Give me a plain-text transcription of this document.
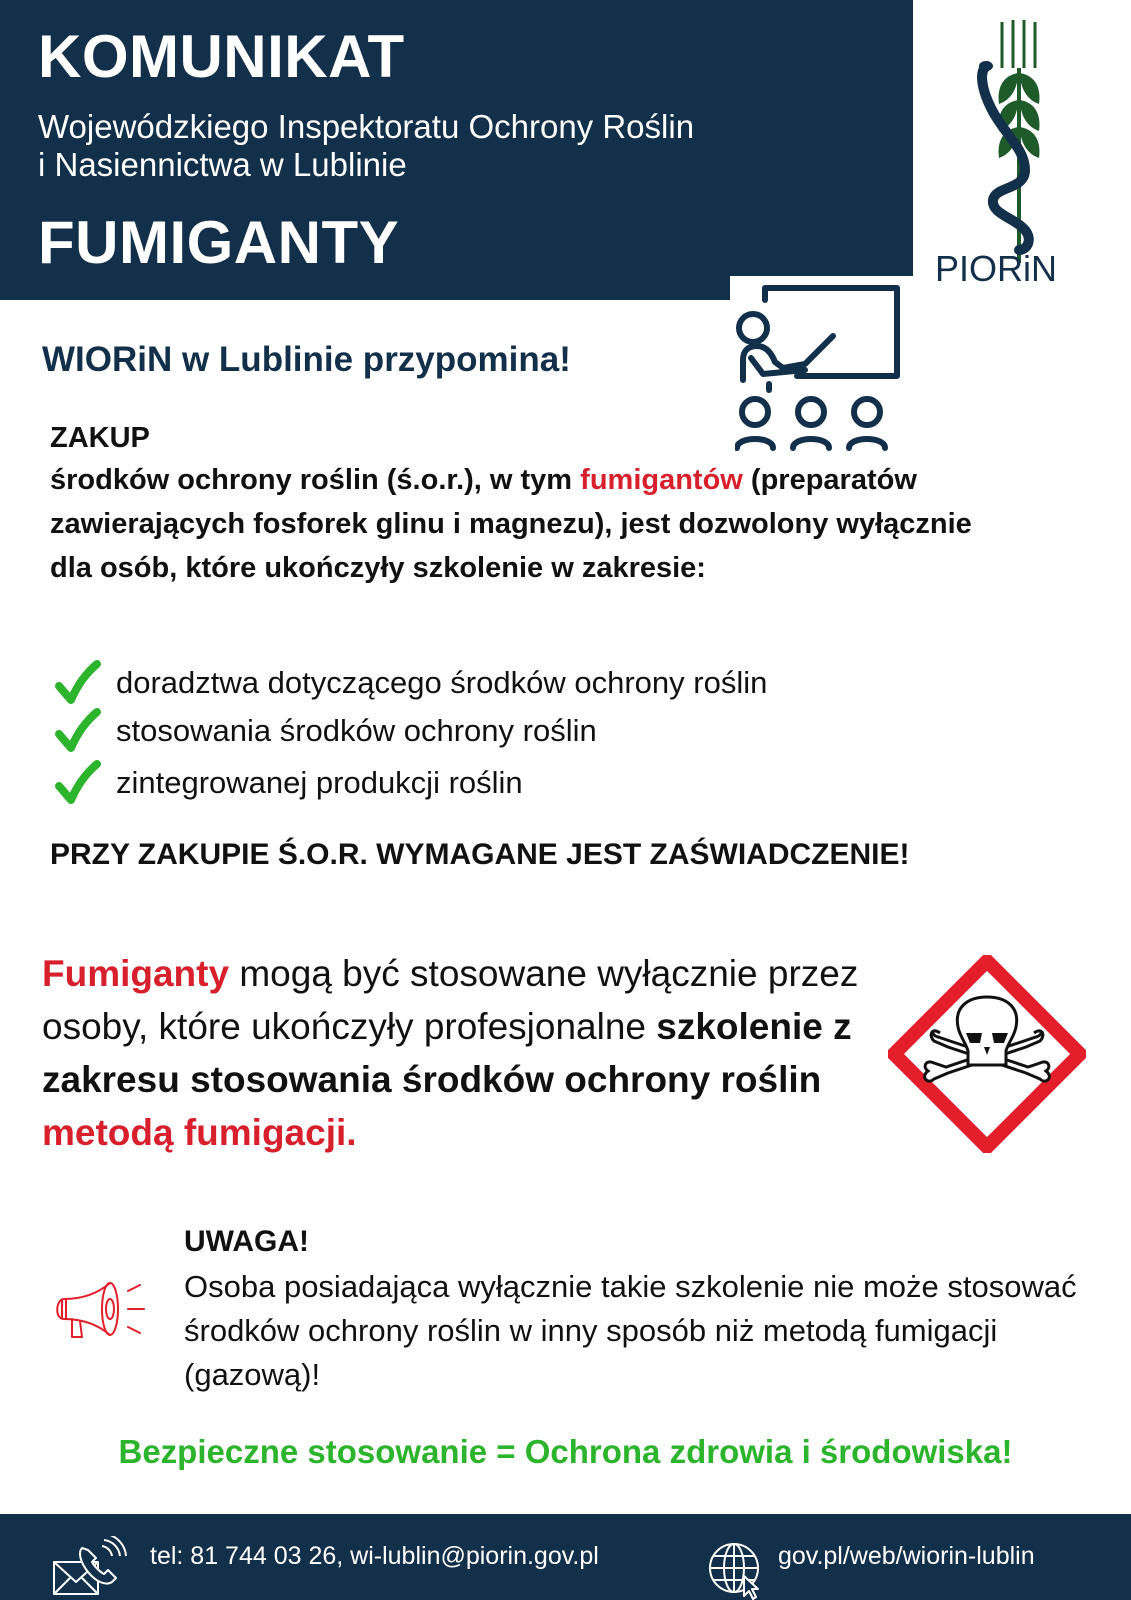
KOMUNIKAT
Wojewódzkiego Inspektoratu Ochrony Roślin
i Nasiennictwa w Lublinie
FUMIGANTY	PIORiN
WIORiN w Lublinie przypomina!
ZAKUP
środków ochrony roślin (ś.o.r.), w tym fumigantów (preparatów zawierających fosforek glinu i magnezu), jest dozwolony wyłącznie dla osób, które ukończyły szkolenie w zakresie:
doradztwa dotyczącego środków ochrony roślin
stosowania środków ochrony roślin
zintegrowanej produkcji roślin
PRZY ZAKUPIE Ś.O.R. WYMAGANE JEST ZAŚWIADCZENIE!
Fumiganty mogą być stosowane wyłącznie przez osoby, które ukończyły profesjonalne szkolenie z zakresu stosowania środków ochrony roślin metodą fumigacji.
UWAGA!
Osoba posiadająca wyłącznie takie szkolenie nie może stosować środków ochrony roślin w inny sposób niż metodą fumigacji (gazową)!
Bezpieczne stosowanie = Ochrona zdrowia i środowiska!
tel: 81 744 03 26, wi-lublin@piorin.gov.pl	gov.pl/web/wiorin-lublin
